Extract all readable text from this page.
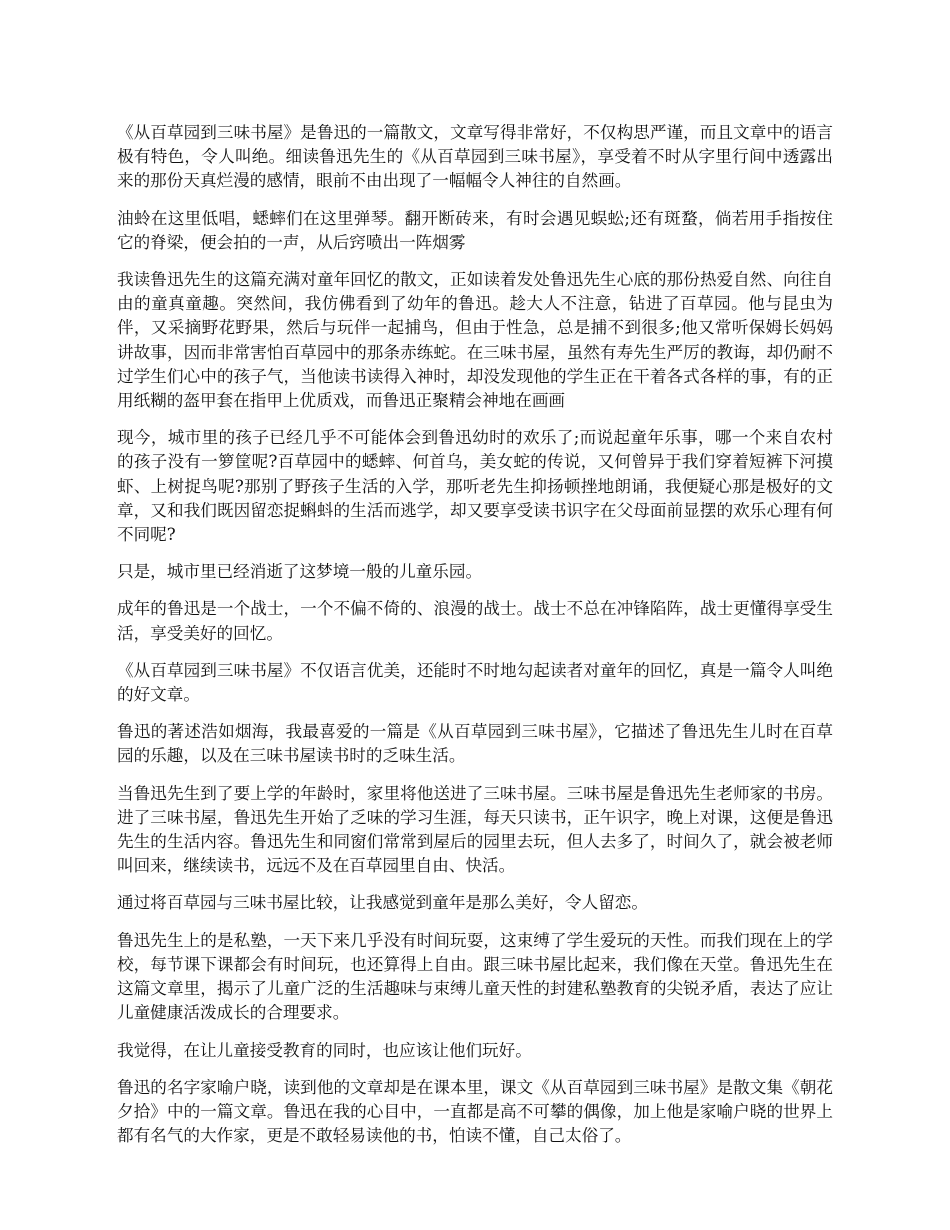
《从百草园到三味书屋》是鲁迅的一篇散文，文章写得非常好，不仅构思严谨，而且文章中的语言极有特色，令人叫绝。细读鲁迅先生的《从百草园到三味书屋》，享受着不时从字里行间中透露出来的那份天真烂漫的感情，眼前不由出现了一幅幅令人神往的自然画。

油蛉在这里低唱，蟋蟀们在这里弹琴。翻开断砖来，有时会遇见蜈蚣;还有斑蝥，倘若用手指按住它的脊梁，便会拍的一声，从后窍喷出一阵烟雾

我读鲁迅先生的这篇充满对童年回忆的散文，正如读着发处鲁迅先生心底的那份热爱自然、向往自由的童真童趣。突然间，我仿佛看到了幼年的鲁迅。趁大人不注意，钻进了百草园。他与昆虫为伴，又采摘野花野果，然后与玩伴一起捕鸟，但由于性急，总是捕不到很多;他又常听保姆长妈妈讲故事，因而非常害怕百草园中的那条赤练蛇。在三味书屋，虽然有寿先生严厉的教诲，却仍耐不过学生们心中的孩子气，当他读书读得入神时，却没发现他的学生正在干着各式各样的事，有的正用纸糊的盔甲套在指甲上优质戏，而鲁迅正聚精会神地在画画

现今，城市里的孩子已经几乎不可能体会到鲁迅幼时的欢乐了;而说起童年乐事，哪一个来自农村的孩子没有一箩筐呢?百草园中的蟋蟀、何首乌，美女蛇的传说，又何曾异于我们穿着短裤下河摸虾、上树捉鸟呢?那别了野孩子生活的入学，那听老先生抑扬顿挫地朗诵，我便疑心那是极好的文章，又和我们既因留恋捉蝌蚪的生活而逃学，却又要享受读书识字在父母面前显摆的欢乐心理有何不同呢?

只是，城市里已经消逝了这梦境一般的儿童乐园。

成年的鲁迅是一个战士，一个不偏不倚的、浪漫的战士。战士不总在冲锋陷阵，战士更懂得享受生活，享受美好的回忆。

《从百草园到三味书屋》不仅语言优美，还能时不时地勾起读者对童年的回忆，真是一篇令人叫绝的好文章。

鲁迅的著述浩如烟海，我最喜爱的一篇是《从百草园到三味书屋》，它描述了鲁迅先生儿时在百草园的乐趣，以及在三味书屋读书时的乏味生活。

当鲁迅先生到了要上学的年龄时，家里将他送进了三味书屋。三味书屋是鲁迅先生老师家的书房。进了三味书屋，鲁迅先生开始了乏味的学习生涯，每天只读书，正午识字，晚上对课，这便是鲁迅先生的生活内容。鲁迅先生和同窗们常常到屋后的园里去玩，但人去多了，时间久了，就会被老师叫回来，继续读书，远远不及在百草园里自由、快活。

通过将百草园与三味书屋比较，让我感觉到童年是那么美好，令人留恋。

鲁迅先生上的是私塾，一天下来几乎没有时间玩耍，这束缚了学生爱玩的天性。而我们现在上的学校，每节课下课都会有时间玩，也还算得上自由。跟三味书屋比起来，我们像在天堂。鲁迅先生在这篇文章里，揭示了儿童广泛的生活趣味与束缚儿童天性的封建私塾教育的尖锐矛盾，表达了应让儿童健康活泼成长的合理要求。

我觉得，在让儿童接受教育的同时，也应该让他们玩好。

鲁迅的名字家喻户晓，读到他的文章却是在课本里，课文《从百草园到三味书屋》是散文集《朝花夕拾》中的一篇文章。鲁迅在我的心目中，一直都是高不可攀的偶像，加上他是家喻户晓的世界上都有名气的大作家，更是不敢轻易读他的书，怕读不懂，自己太俗了。
